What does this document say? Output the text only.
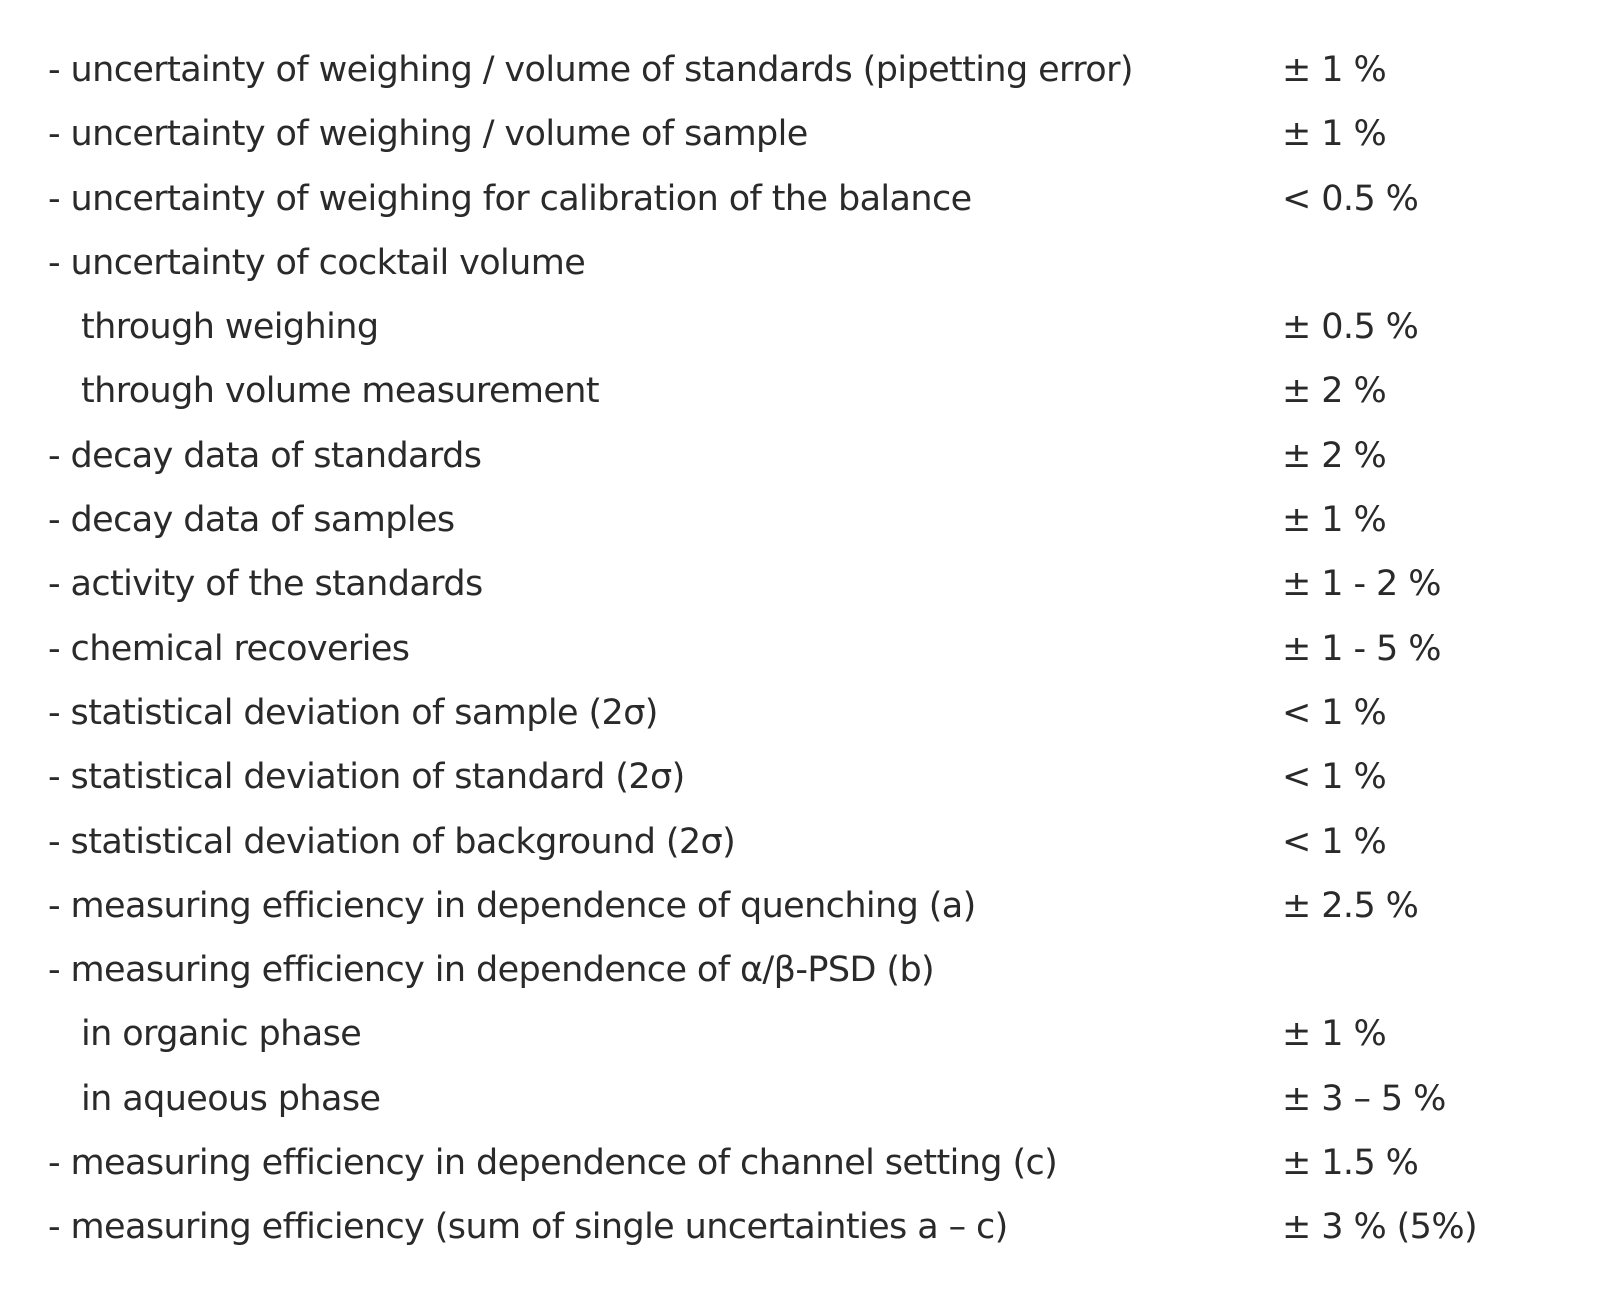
- uncertainty of weighing / volume of standards (pipetting error)	± 1 %
- uncertainty of weighing / volume of sample	± 1 %
- uncertainty of weighing for calibration of the balance	< 0.5 %
- uncertainty of cocktail volume
through weighing	± 0.5 %
through volume measurement	± 2 %
- decay data of standards	± 2 %
- decay data of samples	± 1 %
- activity of the standards	± 1 - 2 %
- chemical recoveries	± 1 - 5 %
- statistical deviation of sample (2σ)	< 1 %
- statistical deviation of standard (2σ)	< 1 %
- statistical deviation of background (2σ)	< 1 %
- measuring efficiency in dependence of quenching (a)	± 2.5 %
- measuring efficiency in dependence of α/β-PSD (b)
in organic phase	± 1 %
in aqueous phase	± 3 – 5 %
- measuring efficiency in dependence of channel setting (c)	± 1.5 %
- measuring efficiency (sum of single uncertainties a – c)	± 3 % (5%)
